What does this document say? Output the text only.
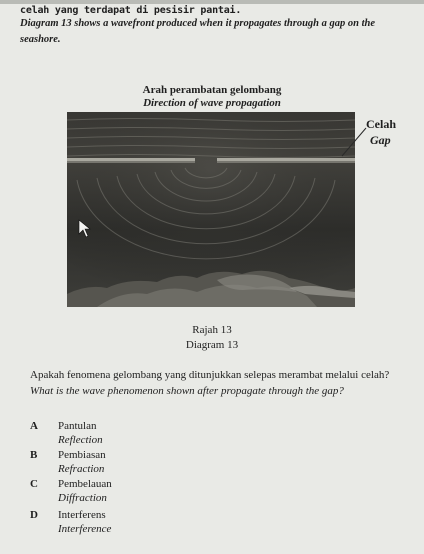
celah yang terdapat di pesisir pantai.
Diagram 13 shows a wavefront produced when it propagates through a gap on the
seashore.
Arah perambatan gelombang
Direction of wave propagation
Celah
Gap
Rajah 13
Diagram 13
Apakah fenomena gelombang yang ditunjukkan selepas merambat melalui celah?
What is the wave phenomenon shown after propagate through the gap?
A Pantulan
Reflection
B Pembiasan
Refraction
C Pembelauan
Diffraction
D Interferens
Interference
